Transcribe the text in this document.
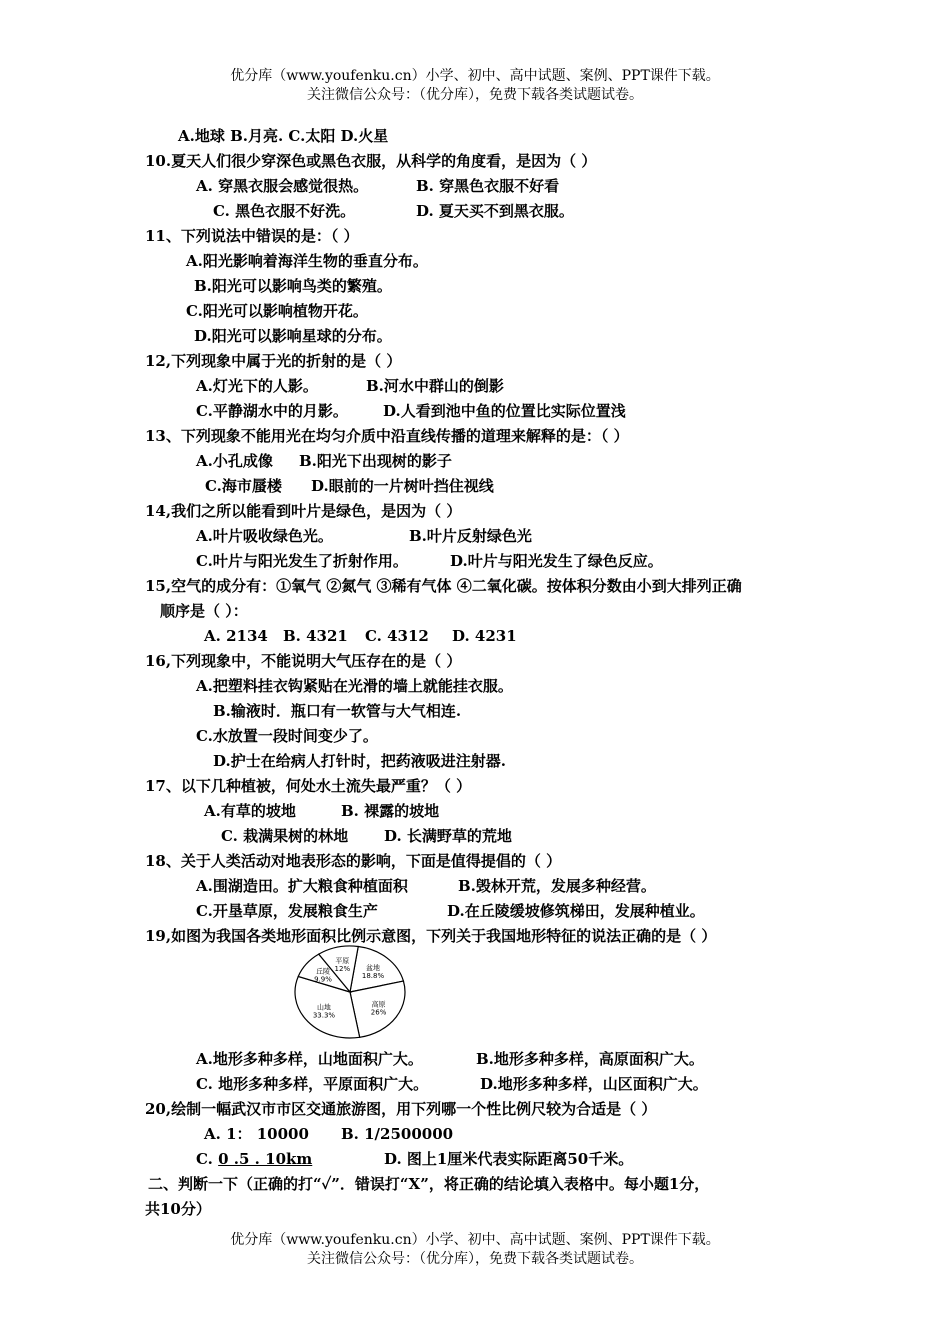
优分库（www.youfenku.cn）小学、初中、高中试题、案例、PPT课件下载。
关注微信公众号：（优分库），免费下载各类试题试卷。
A.地球 B.月亮. C.太阳 D.火星
10.夏天人们很少穿深色或黑色衣服，从科学的角度看，是因为（ ）
A. 穿黑衣服会感觉很热。	B. 穿黑色衣服不好看
C. 黑色衣服不好洗。	D. 夏天买不到黑衣服。
11、下列说法中错误的是：（ ）
A.阳光影响着海洋生物的垂直分布。
B.阳光可以影响鸟类的繁殖。
C.阳光可以影响植物开花。
D.阳光可以影响星球的分布。
12,下列现象中属于光的折射的是（ ）
A.灯光下的人影。	B.河水中群山的倒影
C.平静湖水中的月影。 D.人看到池中鱼的位置比实际位置浅
13、下列现象不能用光在均匀介质中沿直线传播的道理来解释的是：（ ）
A.小孔成像 B.阳光下出现树的影子
C.海市蜃楼 D.眼前的一片树叶挡住视线
14,我们之所以能看到叶片是绿色，是因为（ ）
A.叶片吸收绿色光。	B.叶片反射绿色光
C.叶片与阳光发生了折射作用。	D.叶片与阳光发生了绿色反应。
15,空气的成分有：①氧气 ②氮气 ③稀有气体 ④二氧化碳。按体积分数由小到大排列正确
顺序是（ ）：
A. 2134 B. 4321 C. 4312 D. 4231
16,下列现象中，不能说明大气压存在的是（ ）
A.把塑料挂衣钩紧贴在光滑的墙上就能挂衣服。
B.输液时．瓶口有一软管与大气相连.
C.水放置一段时间变少了。
D.护士在给病人打针时，把药液吸进注射器.
17、以下几种植被，何处水土流失最严重？（ ）
A.有草的坡地	B. 裸露的坡地
C. 栽满果树的林地 D. 长满野草的荒地
18、关于人类活动对地表形态的影响，下面是值得提倡的（ ）
A.围湖造田。扩大粮食种植面积	B.毁林开荒，发展多种经营。
C.开垦草原，发展粮食生产	D.在丘陵缓坡修筑梯田，发展种植业。
19,如图为我国各类地形面积比例示意图，下列关于我国地形特征的说法正确的是（ ）
盆地
18.8%
高原
26%
山地
33.3%
丘陵
9.9%
平原
12%
A.地形多种多样，山地面积广大。	B.地形多种多样，高原面积广大。
C. 地形多种多样，平原面积广大。	D.地形多种多样，山区面积广大。
20,绘制一幅武汉市市区交通旅游图，用下列哪一个性比例尺较为合适是（ ）
A. 1： 10000 B. 1/2500000
C. 0 .5 . 10km	D. 图上1厘米代表实际距离50千米。
二、判断一下（正确的打“✓”．错误打“X”，将正确的结论填入表格中。每小题1分，
共10分）
优分库（www.youfenku.cn）小学、初中、高中试题、案例、PPT课件下载。
关注微信公众号：（优分库），免费下载各类试题试卷。
